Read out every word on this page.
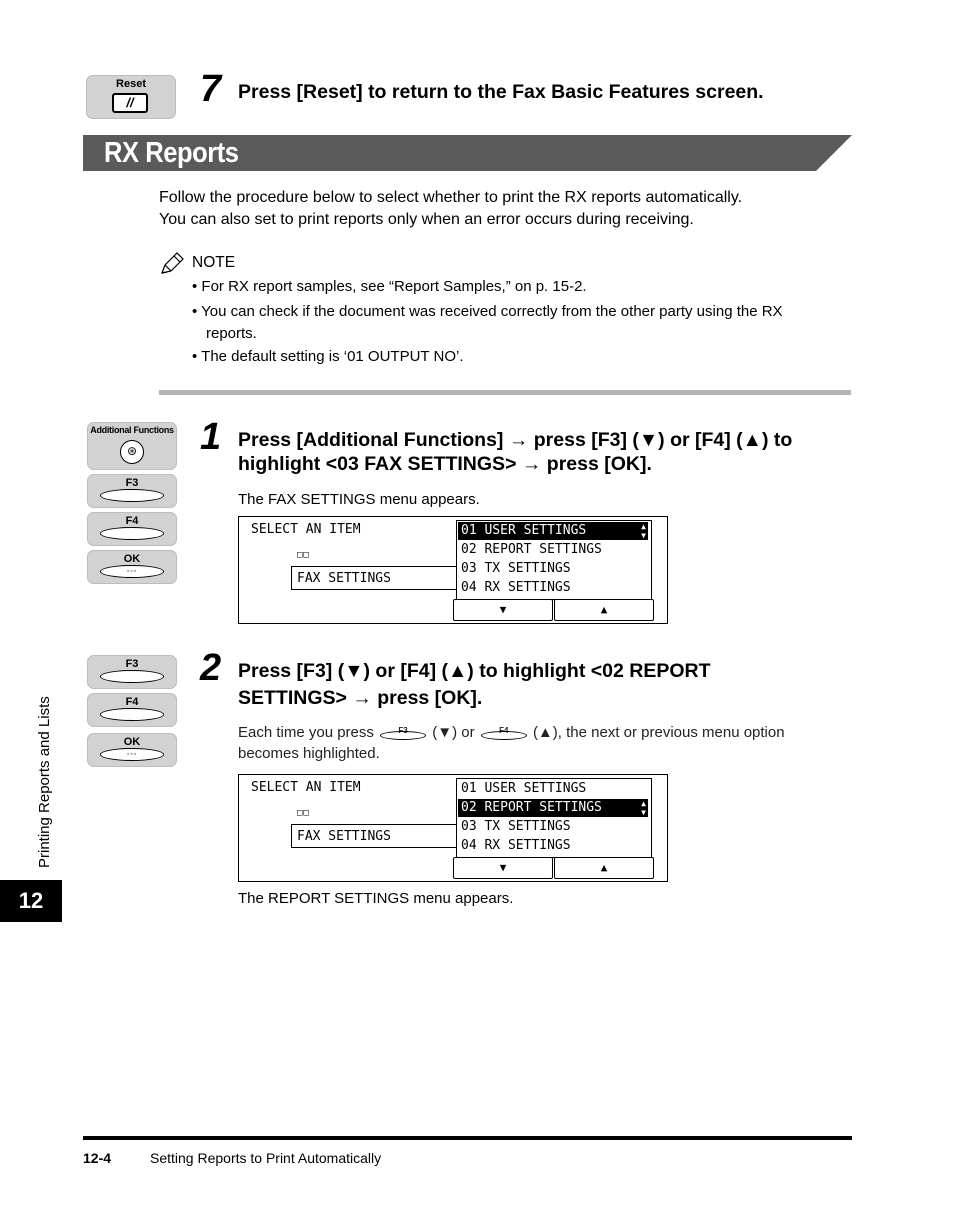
Reset
//	7 Press [Reset] to return to the Fax Basic Features screen.
RX Reports
Follow the procedure below to select whether to print the RX reports automatically.
You can also set to print reports only when an error occurs during receiving.
NOTE
• For RX report samples, see “Report Samples,” on p. 15-2.
• You can check if the document was received correctly from the other party using the RX
reports.
• The default setting is ‘01 OUTPUT NO’.
Additional Functions
⊛
F3
F4
OK
◦◦◦
1 Press [Additional Functions] → press [F3] (▼) or [F4] (▲) to
highlight <03 FAX SETTINGS> → press [OK].
The FAX SETTINGS menu appears.
SELECT AN ITEM
□□
FAX SETTINGS
01 USER SETTINGS	▲
▼
02 REPORT SETTINGS
03 TX SETTINGS
04 RX SETTINGS
▼	▲
F3
F4
OK
◦◦◦
2 Press [F3] (▼) or [F4] (▲) to highlight <02 REPORT
SETTINGS> → press [OK].
Each time you press	F3	(▼) or	F4	(▲), the next or previous menu option
becomes highlighted.
SELECT AN ITEM
□□
FAX SETTINGS
01 USER SETTINGS
02 REPORT SETTINGS	▲
▼
03 TX SETTINGS
04 RX SETTINGS
▼	▲
The REPORT SETTINGS menu appears.
Printing Reports and Lists
12
12-4	Setting Reports to Print Automatically
